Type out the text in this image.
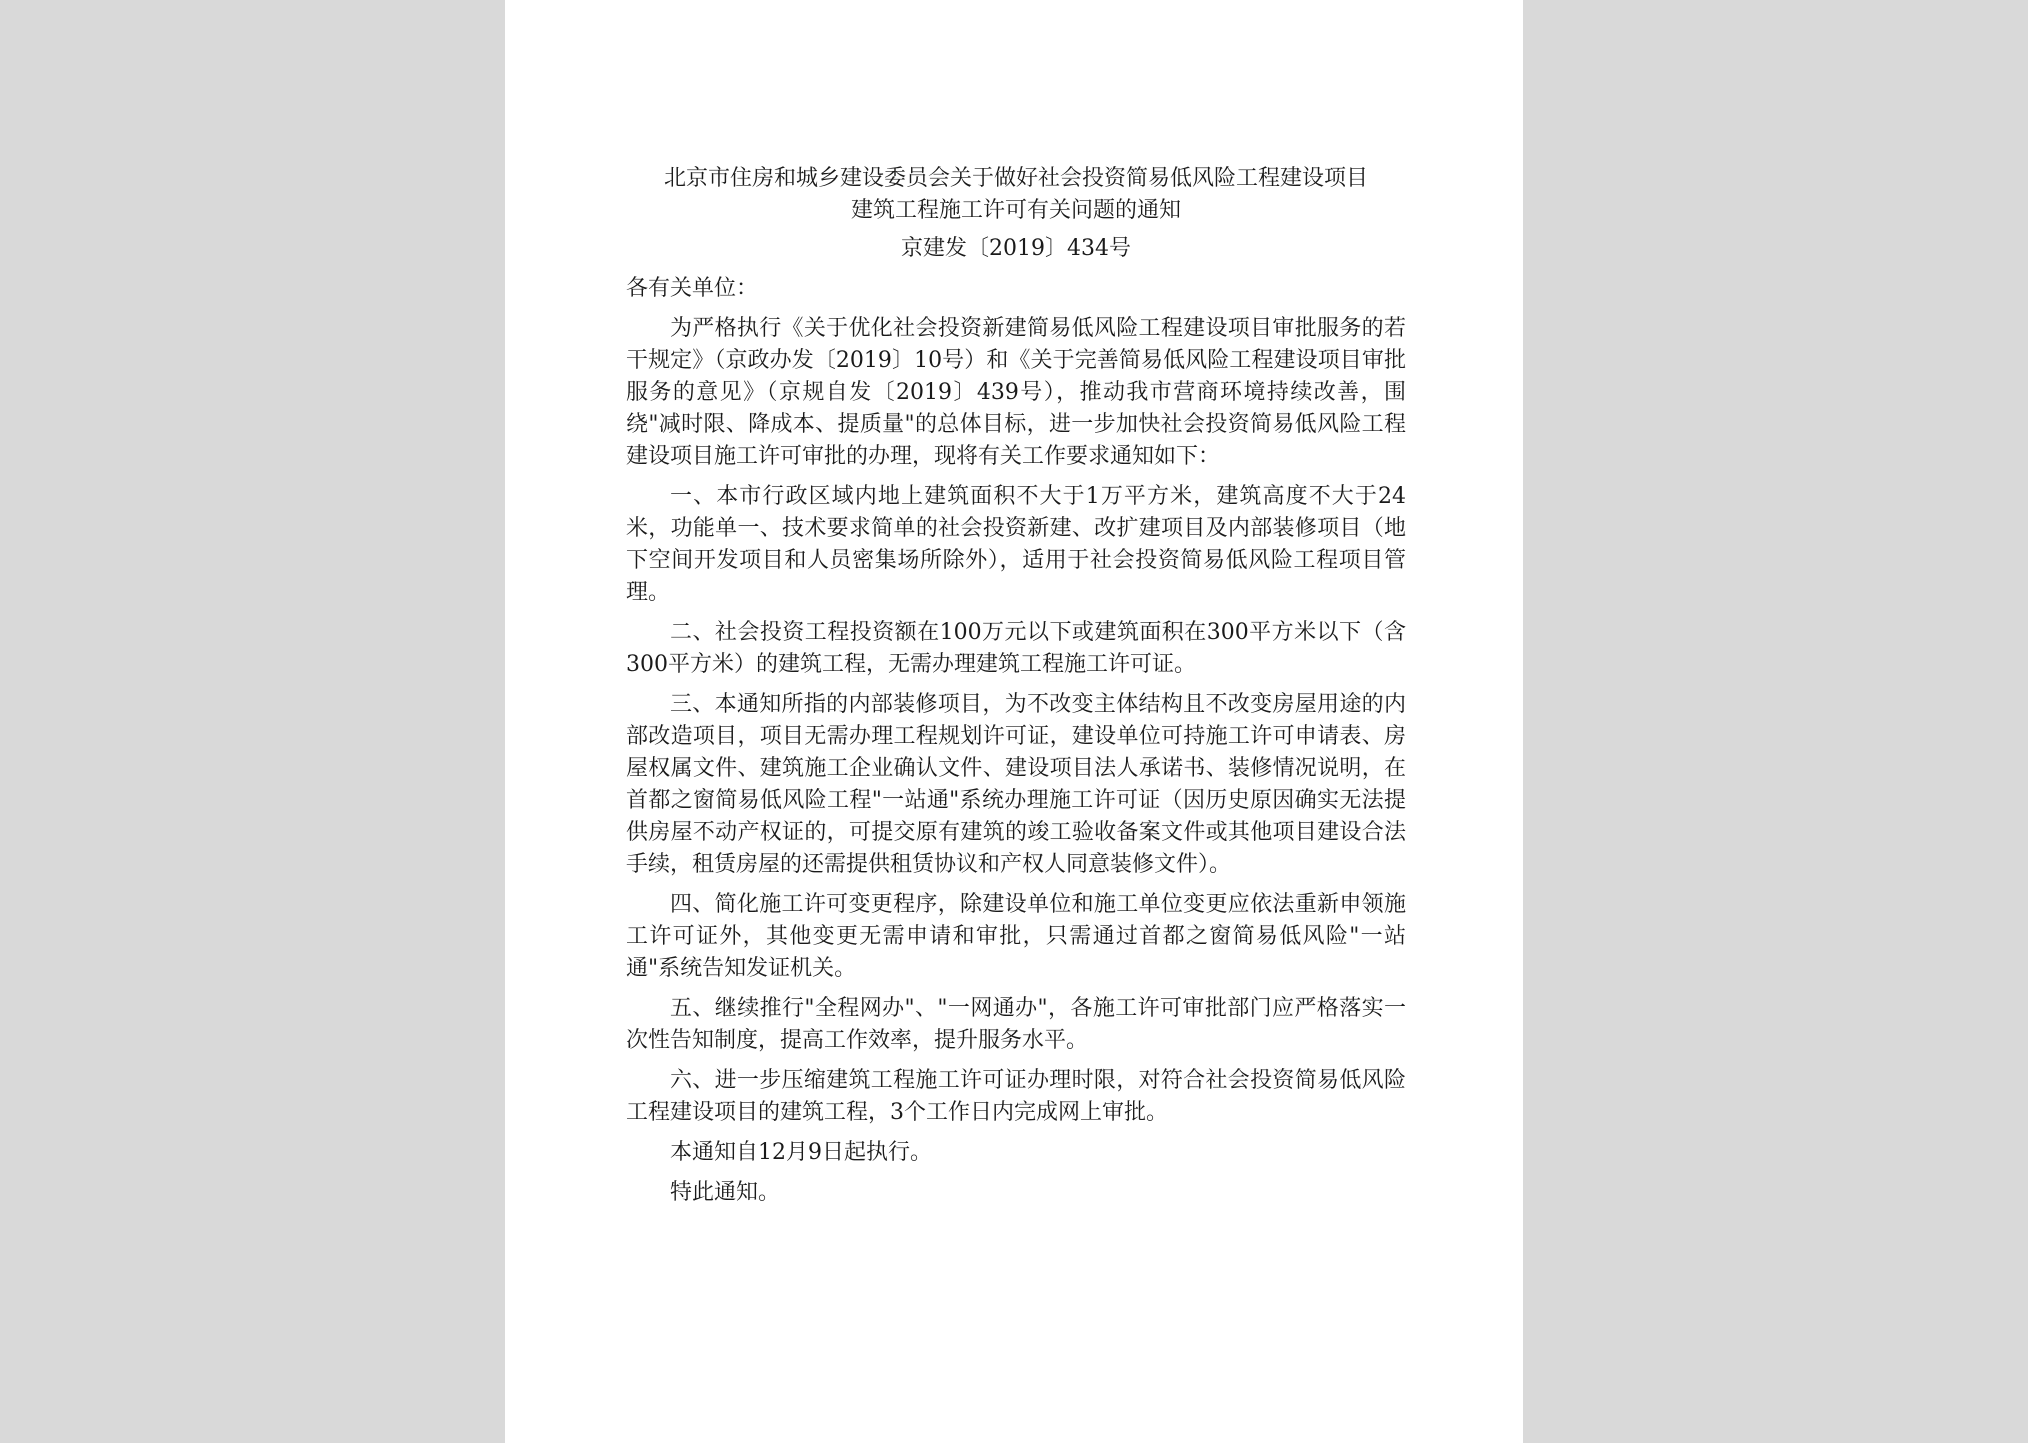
北京市住房和城乡建设委员会关于做好社会投资简易低风险工程建设项目
建筑工程施工许可有关问题的通知

京建发〔2019〕434号

各有关单位：

为严格执行《关于优化社会投资新建简易低风险工程建设项目审批服务的若干规定》（京政办发〔2019〕10号）和《关于完善简易低风险工程建设项目审批服务的意见》（京规自发〔2019〕439号），推动我市营商环境持续改善，围绕"减时限、降成本、提质量"的总体目标，进一步加快社会投资简易低风险工程建设项目施工许可审批的办理，现将有关工作要求通知如下：

一、本市行政区域内地上建筑面积不大于1万平方米，建筑高度不大于24米，功能单一、技术要求简单的社会投资新建、改扩建项目及内部装修项目（地下空间开发项目和人员密集场所除外），适用于社会投资简易低风险工程项目管理。

二、社会投资工程投资额在100万元以下或建筑面积在300平方米以下（含300平方米）的建筑工程，无需办理建筑工程施工许可证。

三、本通知所指的内部装修项目，为不改变主体结构且不改变房屋用途的内部改造项目，项目无需办理工程规划许可证，建设单位可持施工许可申请表、房屋权属文件、建筑施工企业确认文件、建设项目法人承诺书、装修情况说明，在首都之窗简易低风险工程"一站通"系统办理施工许可证（因历史原因确实无法提供房屋不动产权证的，可提交原有建筑的竣工验收备案文件或其他项目建设合法手续，租赁房屋的还需提供租赁协议和产权人同意装修文件）。

四、简化施工许可变更程序，除建设单位和施工单位变更应依法重新申领施工许可证外，其他变更无需申请和审批，只需通过首都之窗简易低风险"一站通"系统告知发证机关。

五、继续推行"全程网办"、"一网通办"，各施工许可审批部门应严格落实一次性告知制度，提高工作效率，提升服务水平。

六、进一步压缩建筑工程施工许可证办理时限，对符合社会投资简易低风险工程建设项目的建筑工程，3个工作日内完成网上审批。

本通知自12月9日起执行。

特此通知。
